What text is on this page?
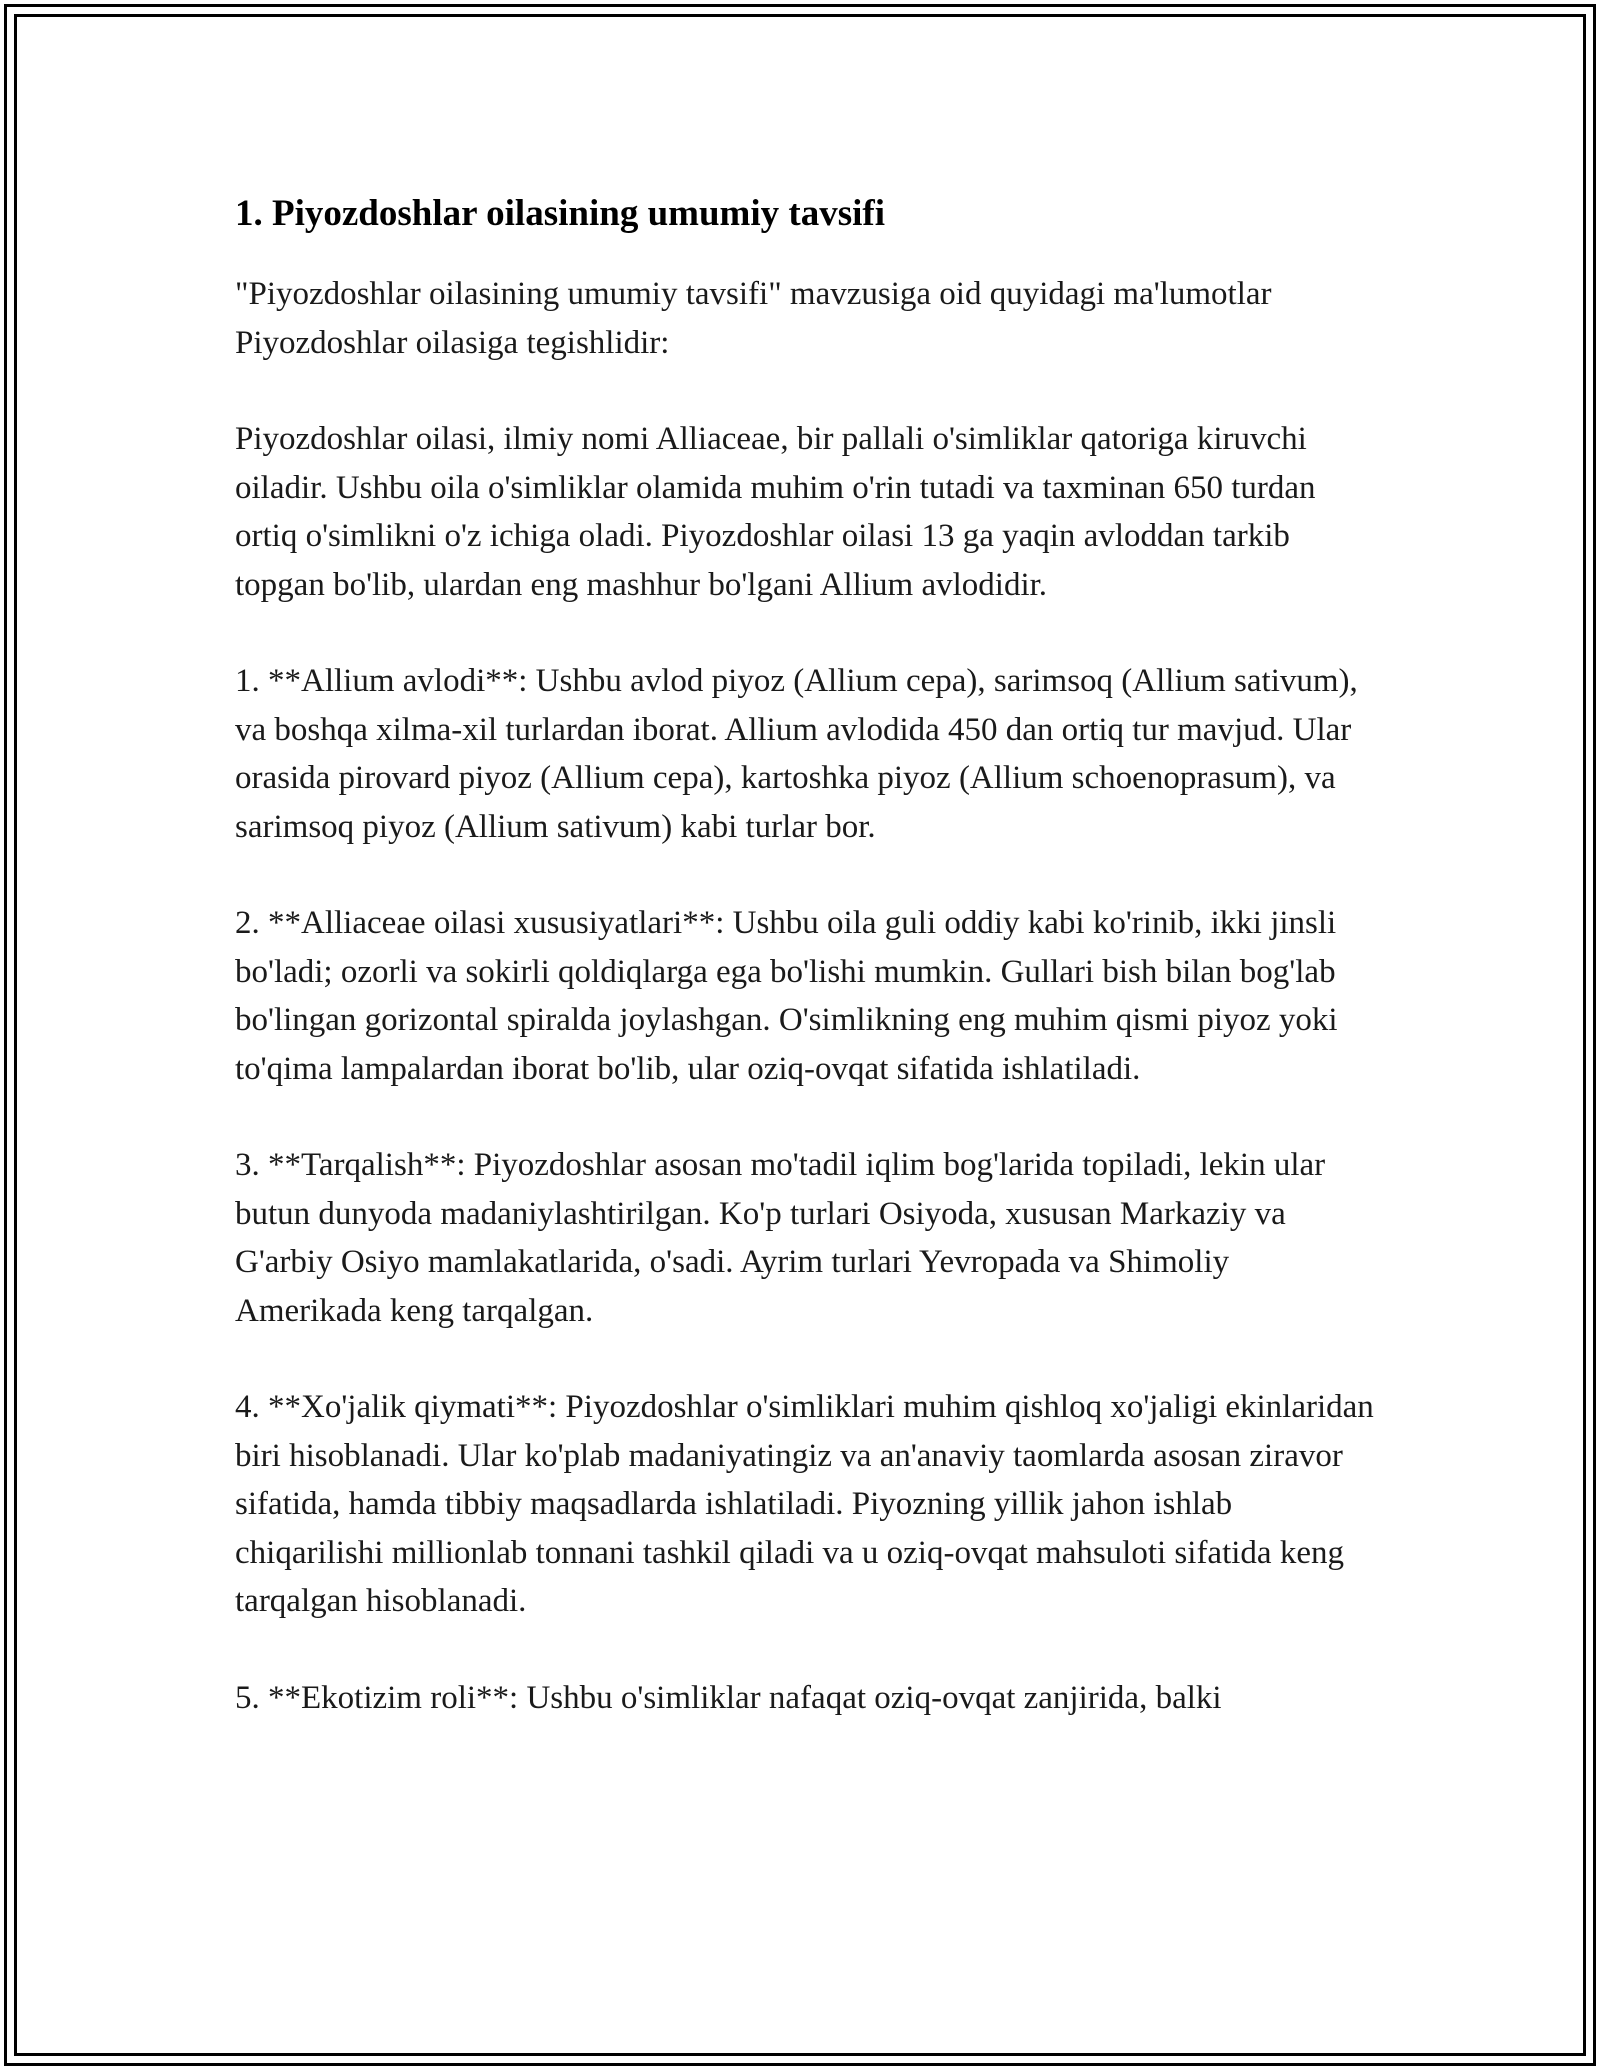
1. Piyozdoshlar oilasining umumiy tavsifi

"Piyozdoshlar oilasining umumiy tavsifi" mavzusiga oid quyidagi ma'lumotlar Piyozdoshlar oilasiga tegishlidir:

Piyozdoshlar oilasi, ilmiy nomi Alliaceae, bir pallali o'simliklar qatoriga kiruvchi oiladir. Ushbu oila o'simliklar olamida muhim o'rin tutadi va taxminan 650 turdan ortiq o'simlikni o'z ichiga oladi. Piyozdoshlar oilasi 13 ga yaqin avloddan tarkib topgan bo'lib, ulardan eng mashhur bo'lgani Allium avlodidir.

1. **Allium avlodi**: Ushbu avlod piyoz (Allium cepa), sarimsoq (Allium sativum), va boshqa xilma-xil turlardan iborat. Allium avlodida 450 dan ortiq tur mavjud. Ular orasida pirovard piyoz (Allium cepa), kartoshka piyoz (Allium schoenoprasum), va sarimsoq piyoz (Allium sativum) kabi turlar bor.

2. **Alliaceae oilasi xususiyatlari**: Ushbu oila guli oddiy kabi ko'rinib, ikki jinsli bo'ladi; ozorli va sokirli qoldiqlarga ega bo'lishi mumkin. Gullari bish bilan bog'lab bo'lingan gorizontal spiralda joylashgan. O'simlikning eng muhim qismi piyoz yoki to'qima lampalardan iborat bo'lib, ular oziq-ovqat sifatida ishlatiladi.

3. **Tarqalish**: Piyozdoshlar asosan mo'tadil iqlim bog'larida topiladi, lekin ular butun dunyoda madaniylashtirilgan. Ko'p turlari Osiyoda, xususan Markaziy va G'arbiy Osiyo mamlakatlarida, o'sadi. Ayrim turlari Yevropada va Shimoliy Amerikada keng tarqalgan.

4. **Xo'jalik qiymati**: Piyozdoshlar o'simliklari muhim qishloq xo'jaligi ekinlaridan biri hisoblanadi. Ular ko'plab madaniyatingiz va an'anaviy taomlarda asosan ziravor sifatida, hamda tibbiy maqsadlarda ishlatiladi. Piyozning yillik jahon ishlab chiqarilishi millionlab tonnani tashkil qiladi va u oziq-ovqat mahsuloti sifatida keng tarqalgan hisoblanadi.

5. **Ekotizim roli**: Ushbu o'simliklar nafaqat oziq-ovqat zanjirida, balki
